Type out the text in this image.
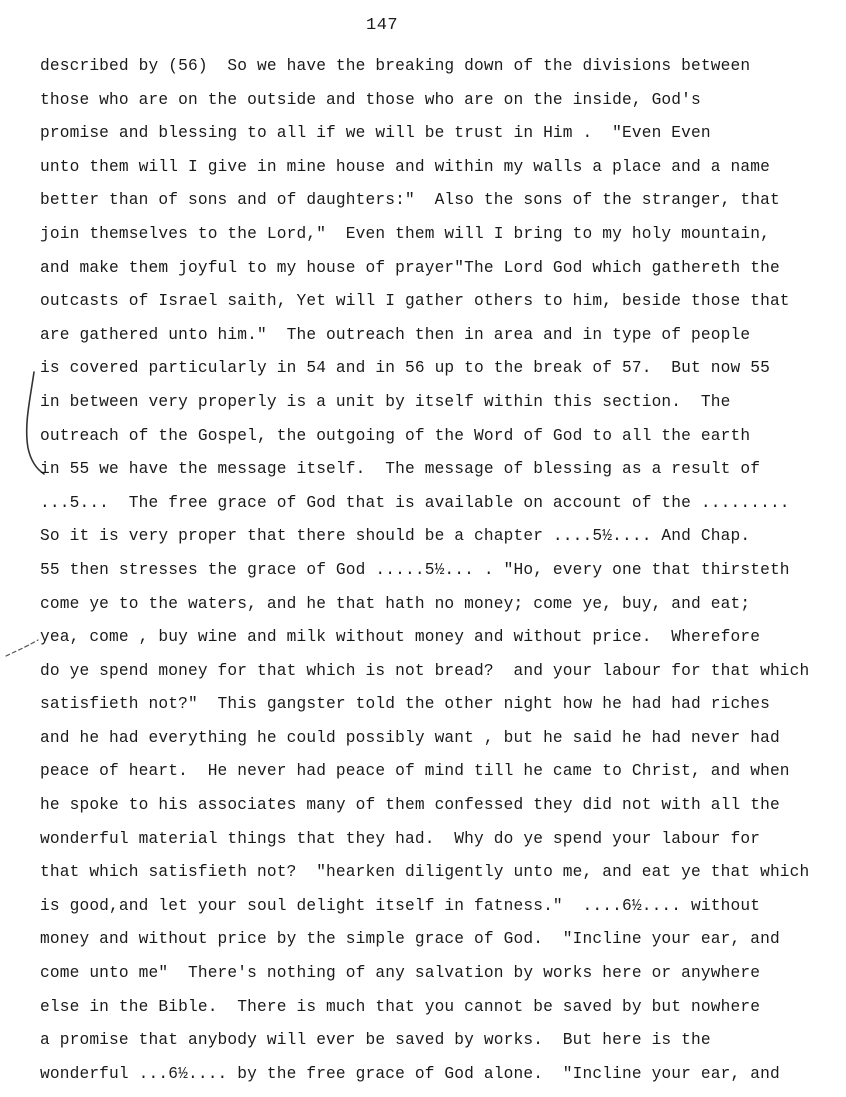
147
described by (56)  So we have the breaking down of the divisions between
those who are on the outside and those who are on the inside, God's
promise and blessing to all if we will be trust in Him .  "Even Even
unto them will I give in mine house and within my walls a place and a name
better than of sons and of daughters:"  Also the sons of the stranger, that
join themselves to the Lord,"  Even them will I bring to my holy mountain,
and make them joyful to my house of prayer"The Lord God which gathereth the
outcasts of Israel saith, Yet will I gather others to him, beside those that
are gathered unto him."  The outreach then in area and in type of people
is covered particularly in 54 and in 56 up to the break of 57.  But now 55
in between very properly is a unit by itself within this section.  The
outreach of the Gospel, the outgoing of the Word of God to all the earth
in 55 we have the message itself.  The message of blessing as a result of
...5...  The free grace of God that is available on account of the .........
So it is very proper that there should be a chapter ....5½.... And Chap.
55 then stresses the grace of God .....5½... . "Ho, every one that thirsteth
come ye to the waters, and he that hath no money; come ye, buy, and eat;
yea, come , buy wine and milk without money and without price.  Wherefore
do ye spend money for that which is not bread?  and your labour for that which
satisfieth not?"  This gangster told the other night how he had had riches
and he had everything he could possibly want , but he said he had never had
peace of heart.  He never had peace of mind till he came to Christ, and when
he spoke to his associates many of them confessed they did not with all the
wonderful material things that they had.  Why do ye spend your labour for
that which satisfieth not?  "hearken diligently unto me, and eat ye that which
is good,and let your soul delight itself in fatness."  ....6½.... without
money and without price by the simple grace of God.  "Incline your ear, and
come unto me"  There's nothing of any salvation by works here or anywhere
else in the Bible.  There is much that you cannot be saved by but nowhere
a promise that anybody will ever be saved by works.  But here is the
wonderful ...6½.... by the free grace of God alone.  "Incline your ear, and
